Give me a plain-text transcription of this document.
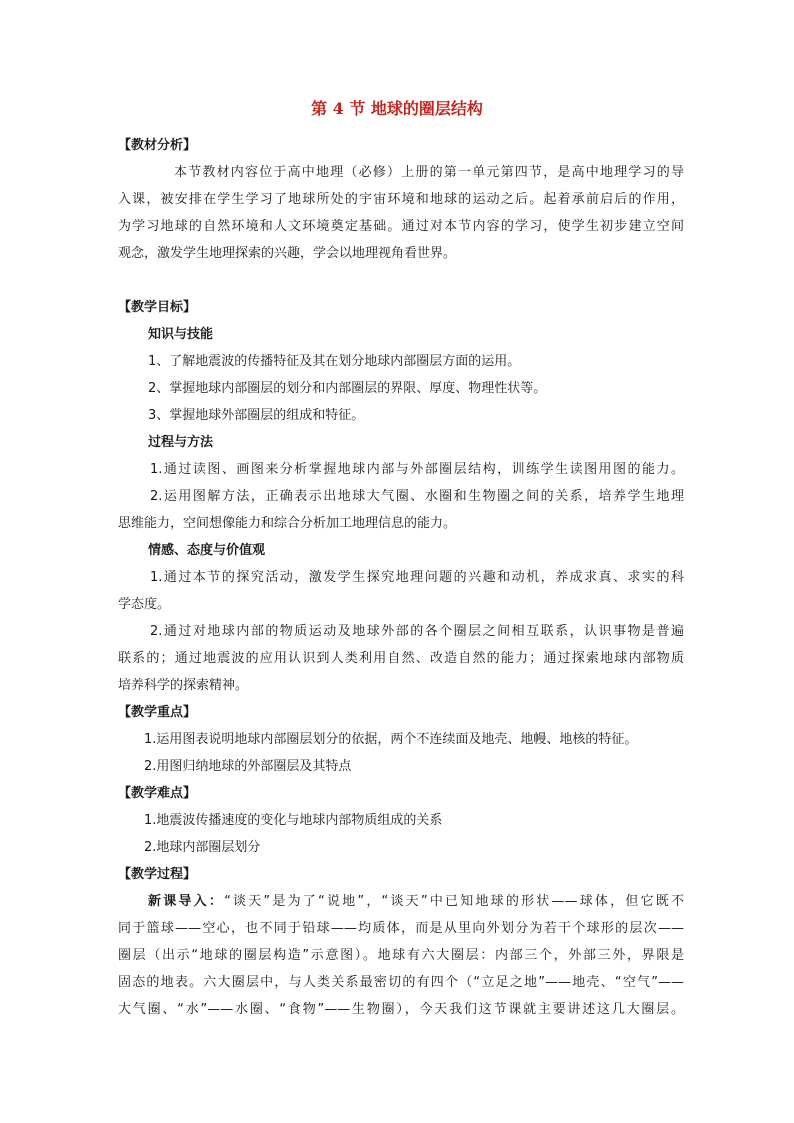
第 4 节 地球的圈层结构
【教材分析】
本节教材内容位于高中地理（必修）上册的第一单元第四节，是高中地理学习的导
入课，被安排在学生学习了地球所处的宇宙环境和地球的运动之后。起着承前启后的作用，
为学习地球的自然环境和人文环境奠定基础。通过对本节内容的学习，使学生初步建立空间
观念，激发学生地理探索的兴趣，学会以地理视角看世界。
【教学目标】
知识与技能
1、了解地震波的传播特征及其在划分地球内部圈层方面的运用。
2、掌握地球内部圈层的划分和内部圈层的界限、厚度、物理性状等。
3、掌握地球外部圈层的组成和特征。
过程与方法
1.通过读图、画图来分析掌握地球内部与外部圈层结构，训练学生读图用图的能力。
2.运用图解方法，正确表示出地球大气圈、水圈和生物圈之间的关系，培养学生地理
思维能力，空间想像能力和综合分析加工地理信息的能力。
情感、态度与价值观
1.通过本节的探究活动，激发学生探究地理问题的兴趣和动机，养成求真、求实的科
学态度。
2.通过对地球内部的物质运动及地球外部的各个圈层之间相互联系，认识事物是普遍
联系的；通过地震波的应用认识到人类利用自然、改造自然的能力；通过探索地球内部物质
培养科学的探索精神。
【教学重点】
1.运用图表说明地球内部圈层划分的依据，两个不连续面及地壳、地幔、地核的特征。
2.用图归纳地球的外部圈层及其特点
【教学难点】
1.地震波传播速度的变化与地球内部物质组成的关系
2.地球内部圈层划分
【教学过程】
新课导入：“谈天”是为了“说地”，“谈天”中已知地球的形状——球体，但它既不
同于篮球——空心，也不同于铅球——均质体，而是从里向外划分为若干个球形的层次——
圈层（出示“地球的圈层构造”示意图）。地球有六大圈层：内部三个，外部三外，界限是
固态的地表。六大圈层中，与人类关系最密切的有四个（“立足之地”——地壳、“空气”——
大气圈、“水”——水圈、“食物”——生物圈），今天我们这节课就主要讲述这几大圈层。
